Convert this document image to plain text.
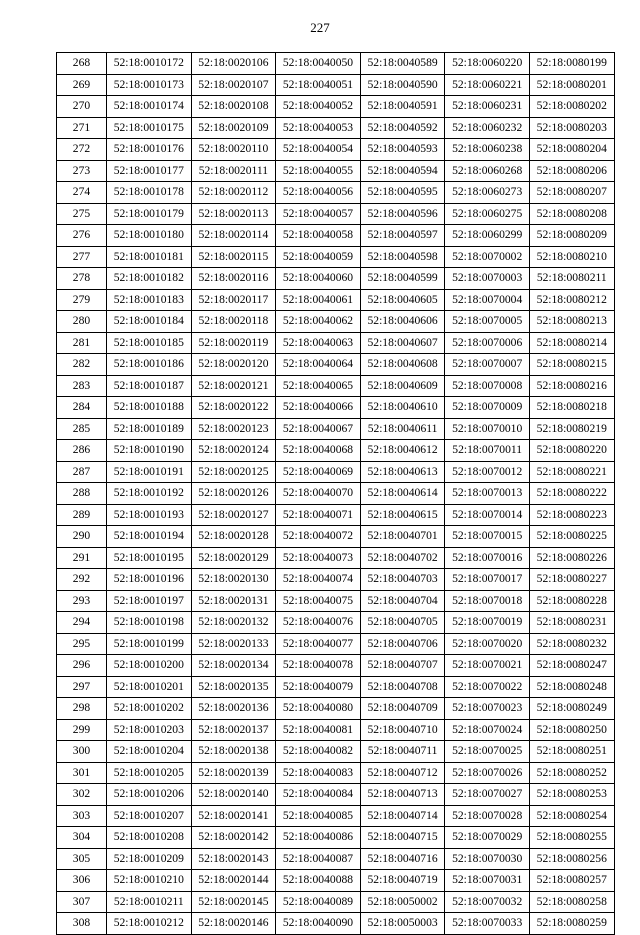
227
268	52:18:0010172	52:18:0020106	52:18:0040050	52:18:0040589	52:18:0060220	52:18:0080199
269	52:18:0010173	52:18:0020107	52:18:0040051	52:18:0040590	52:18:0060221	52:18:0080201
270	52:18:0010174	52:18:0020108	52:18:0040052	52:18:0040591	52:18:0060231	52:18:0080202
271	52:18:0010175	52:18:0020109	52:18:0040053	52:18:0040592	52:18:0060232	52:18:0080203
272	52:18:0010176	52:18:0020110	52:18:0040054	52:18:0040593	52:18:0060238	52:18:0080204
273	52:18:0010177	52:18:0020111	52:18:0040055	52:18:0040594	52:18:0060268	52:18:0080206
274	52:18:0010178	52:18:0020112	52:18:0040056	52:18:0040595	52:18:0060273	52:18:0080207
275	52:18:0010179	52:18:0020113	52:18:0040057	52:18:0040596	52:18:0060275	52:18:0080208
276	52:18:0010180	52:18:0020114	52:18:0040058	52:18:0040597	52:18:0060299	52:18:0080209
277	52:18:0010181	52:18:0020115	52:18:0040059	52:18:0040598	52:18:0070002	52:18:0080210
278	52:18:0010182	52:18:0020116	52:18:0040060	52:18:0040599	52:18:0070003	52:18:0080211
279	52:18:0010183	52:18:0020117	52:18:0040061	52:18:0040605	52:18:0070004	52:18:0080212
280	52:18:0010184	52:18:0020118	52:18:0040062	52:18:0040606	52:18:0070005	52:18:0080213
281	52:18:0010185	52:18:0020119	52:18:0040063	52:18:0040607	52:18:0070006	52:18:0080214
282	52:18:0010186	52:18:0020120	52:18:0040064	52:18:0040608	52:18:0070007	52:18:0080215
283	52:18:0010187	52:18:0020121	52:18:0040065	52:18:0040609	52:18:0070008	52:18:0080216
284	52:18:0010188	52:18:0020122	52:18:0040066	52:18:0040610	52:18:0070009	52:18:0080218
285	52:18:0010189	52:18:0020123	52:18:0040067	52:18:0040611	52:18:0070010	52:18:0080219
286	52:18:0010190	52:18:0020124	52:18:0040068	52:18:0040612	52:18:0070011	52:18:0080220
287	52:18:0010191	52:18:0020125	52:18:0040069	52:18:0040613	52:18:0070012	52:18:0080221
288	52:18:0010192	52:18:0020126	52:18:0040070	52:18:0040614	52:18:0070013	52:18:0080222
289	52:18:0010193	52:18:0020127	52:18:0040071	52:18:0040615	52:18:0070014	52:18:0080223
290	52:18:0010194	52:18:0020128	52:18:0040072	52:18:0040701	52:18:0070015	52:18:0080225
291	52:18:0010195	52:18:0020129	52:18:0040073	52:18:0040702	52:18:0070016	52:18:0080226
292	52:18:0010196	52:18:0020130	52:18:0040074	52:18:0040703	52:18:0070017	52:18:0080227
293	52:18:0010197	52:18:0020131	52:18:0040075	52:18:0040704	52:18:0070018	52:18:0080228
294	52:18:0010198	52:18:0020132	52:18:0040076	52:18:0040705	52:18:0070019	52:18:0080231
295	52:18:0010199	52:18:0020133	52:18:0040077	52:18:0040706	52:18:0070020	52:18:0080232
296	52:18:0010200	52:18:0020134	52:18:0040078	52:18:0040707	52:18:0070021	52:18:0080247
297	52:18:0010201	52:18:0020135	52:18:0040079	52:18:0040708	52:18:0070022	52:18:0080248
298	52:18:0010202	52:18:0020136	52:18:0040080	52:18:0040709	52:18:0070023	52:18:0080249
299	52:18:0010203	52:18:0020137	52:18:0040081	52:18:0040710	52:18:0070024	52:18:0080250
300	52:18:0010204	52:18:0020138	52:18:0040082	52:18:0040711	52:18:0070025	52:18:0080251
301	52:18:0010205	52:18:0020139	52:18:0040083	52:18:0040712	52:18:0070026	52:18:0080252
302	52:18:0010206	52:18:0020140	52:18:0040084	52:18:0040713	52:18:0070027	52:18:0080253
303	52:18:0010207	52:18:0020141	52:18:0040085	52:18:0040714	52:18:0070028	52:18:0080254
304	52:18:0010208	52:18:0020142	52:18:0040086	52:18:0040715	52:18:0070029	52:18:0080255
305	52:18:0010209	52:18:0020143	52:18:0040087	52:18:0040716	52:18:0070030	52:18:0080256
306	52:18:0010210	52:18:0020144	52:18:0040088	52:18:0040719	52:18:0070031	52:18:0080257
307	52:18:0010211	52:18:0020145	52:18:0040089	52:18:0050002	52:18:0070032	52:18:0080258
308	52:18:0010212	52:18:0020146	52:18:0040090	52:18:0050003	52:18:0070033	52:18:0080259
